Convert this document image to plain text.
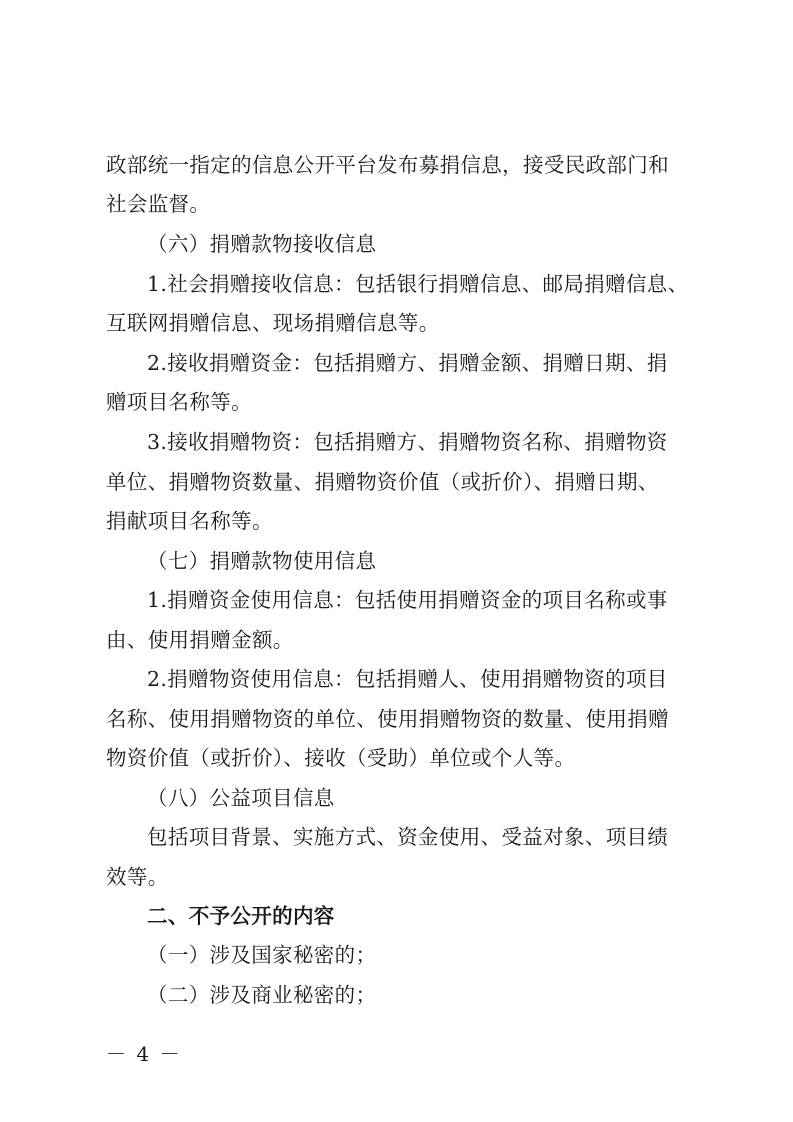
政部统一指定的信息公开平台发布募捐信息，接受民政部门和
社会监督。
（六）捐赠款物接收信息
1.社会捐赠接收信息：包括银行捐赠信息、邮局捐赠信息、
互联网捐赠信息、现场捐赠信息等。
2.接收捐赠资金：包括捐赠方、捐赠金额、捐赠日期、捐
赠项目名称等。
3.接收捐赠物资：包括捐赠方、捐赠物资名称、捐赠物资
单位、捐赠物资数量、捐赠物资价值（或折价）、捐赠日期、
捐献项目名称等。
（七）捐赠款物使用信息
1.捐赠资金使用信息：包括使用捐赠资金的项目名称或事
由、使用捐赠金额。
2.捐赠物资使用信息：包括捐赠人、使用捐赠物资的项目
名称、使用捐赠物资的单位、使用捐赠物资的数量、使用捐赠
物资价值（或折价）、接收（受助）单位或个人等。
（八）公益项目信息
包括项目背景、实施方式、资金使用、受益对象、项目绩
效等。
二、不予公开的内容
（一）涉及国家秘密的；
（二）涉及商业秘密的；
－ 4 －
